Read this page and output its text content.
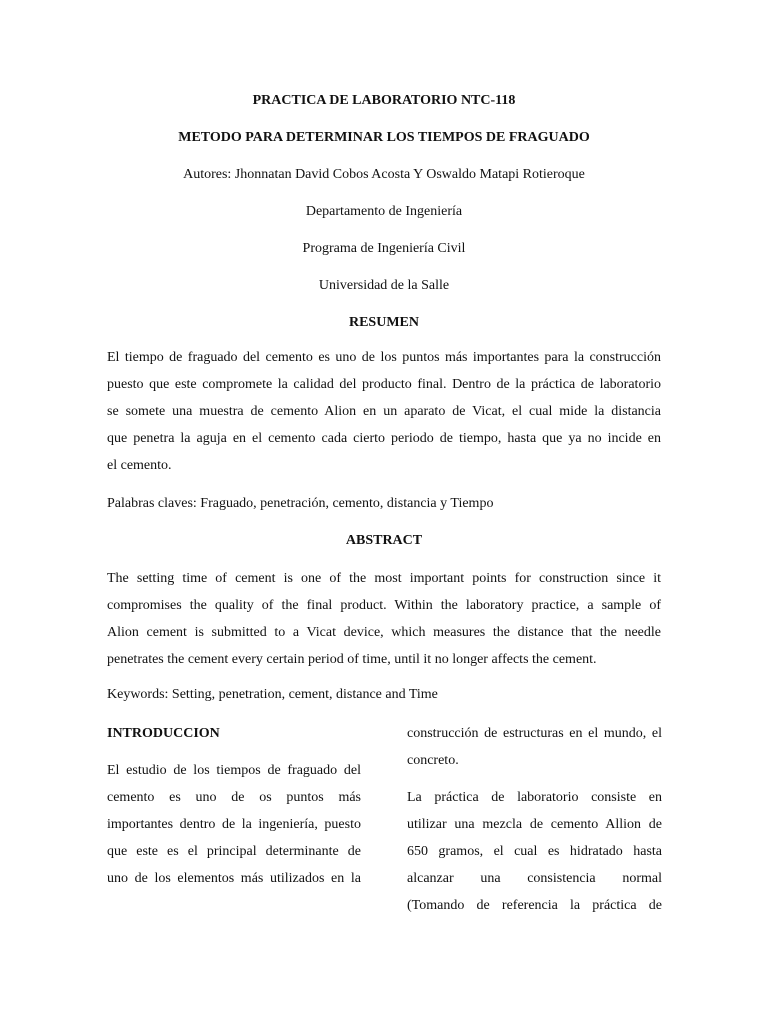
PRACTICA DE LABORATORIO NTC-118
METODO PARA DETERMINAR LOS TIEMPOS DE FRAGUADO
Autores: Jhonnatan David Cobos Acosta Y Oswaldo Matapi Rotieroque
Departamento de Ingeniería
Programa de Ingeniería Civil
Universidad de la Salle
RESUMEN
El tiempo de fraguado del cemento es uno de los puntos más importantes para la construcción
puesto que este compromete la calidad del producto final. Dentro de la práctica de laboratorio
se somete una muestra de cemento Alion en un aparato de Vicat, el cual mide la distancia
que penetra la aguja en el cemento cada cierto periodo de tiempo, hasta que ya no incide en
el cemento.
Palabras claves: Fraguado, penetración, cemento, distancia y Tiempo
ABSTRACT
The setting time of cement is one of the most important points for construction since it
compromises the quality of the final product. Within the laboratory practice, a sample of
Alion cement is submitted to a Vicat device, which measures the distance that the needle
penetrates the cement every certain period of time, until it no longer affects the cement.
Keywords: Setting, penetration, cement, distance and Time
INTRODUCCION
El estudio de los tiempos de fraguado del
cemento es uno de os puntos más
importantes dentro de la ingeniería, puesto
que este es el principal determinante de
uno de los elementos más utilizados en la
construcción de estructuras en el mundo, el
concreto.
La práctica de laboratorio consiste en
utilizar una mezcla de cemento Allion de
650 gramos, el cual es hidratado hasta
alcanzar una consistencia normal
(Tomando de referencia la práctica de
